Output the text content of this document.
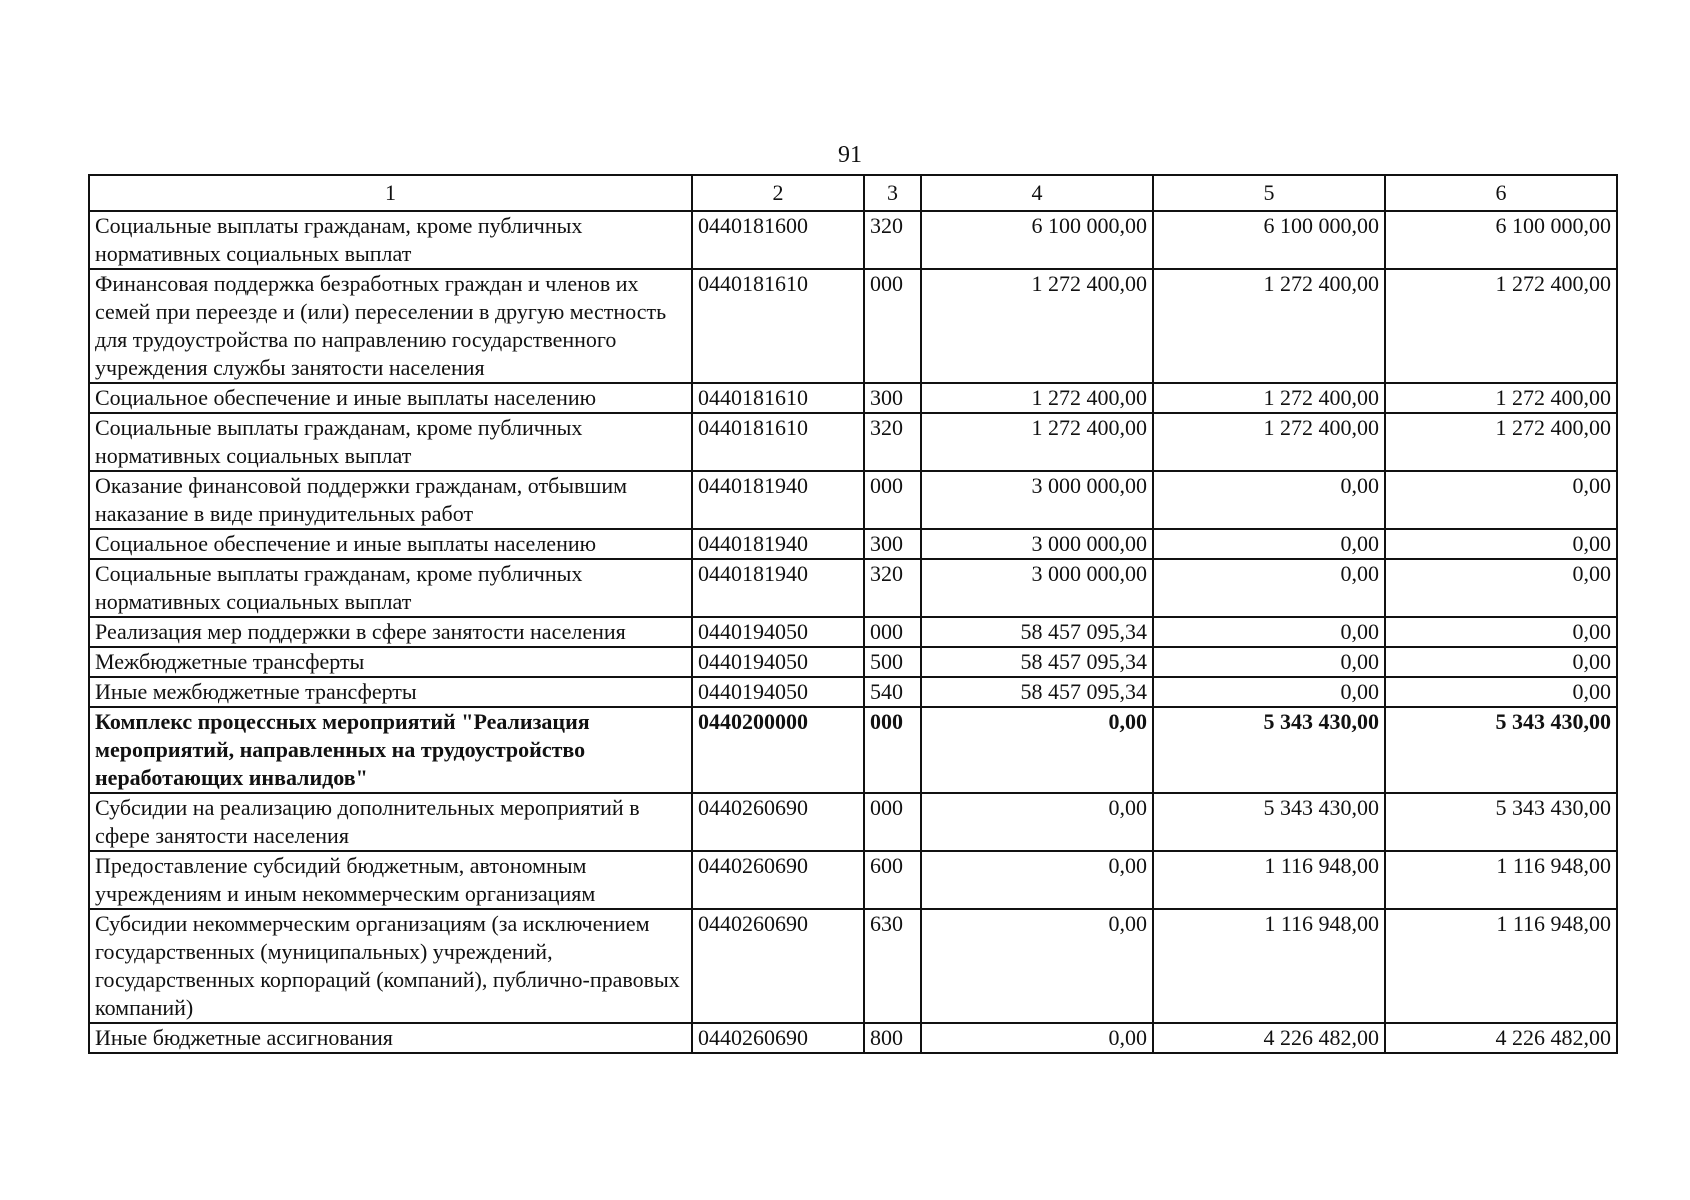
91
1	2	3	4	5	6
Социальные выплаты гражданам, кроме публичных нормативных социальных выплат	0440181600	320	6 100 000,00	6 100 000,00	6 100 000,00
Финансовая поддержка безработных граждан и членов их семей при переезде и (или) переселении в другую местность для трудоустройства по направлению государственного учреждения службы занятости населения	0440181610	000	1 272 400,00	1 272 400,00	1 272 400,00
Социальное обеспечение и иные выплаты населению	0440181610	300	1 272 400,00	1 272 400,00	1 272 400,00
Социальные выплаты гражданам, кроме публичных нормативных социальных выплат	0440181610	320	1 272 400,00	1 272 400,00	1 272 400,00
Оказание финансовой поддержки гражданам, отбывшим наказание в виде принудительных работ	0440181940	000	3 000 000,00	0,00	0,00
Социальное обеспечение и иные выплаты населению	0440181940	300	3 000 000,00	0,00	0,00
Социальные выплаты гражданам, кроме публичных нормативных социальных выплат	0440181940	320	3 000 000,00	0,00	0,00
Реализация мер поддержки в сфере занятости населения	0440194050	000	58 457 095,34	0,00	0,00
Межбюджетные трансферты	0440194050	500	58 457 095,34	0,00	0,00
Иные межбюджетные трансферты	0440194050	540	58 457 095,34	0,00	0,00
Комплекс процессных мероприятий "Реализация мероприятий, направленных на трудоустройство неработающих инвалидов"	0440200000	000	0,00	5 343 430,00	5 343 430,00
Субсидии на реализацию дополнительных мероприятий в сфере занятости населения	0440260690	000	0,00	5 343 430,00	5 343 430,00
Предоставление субсидий бюджетным, автономным учреждениям и иным некоммерческим организациям	0440260690	600	0,00	1 116 948,00	1 116 948,00
Субсидии некоммерческим организациям (за исключением государственных (муниципальных) учреждений, государственных корпораций (компаний), публично-правовых компаний)	0440260690	630	0,00	1 116 948,00	1 116 948,00
Иные бюджетные ассигнования	0440260690	800	0,00	4 226 482,00	4 226 482,00
